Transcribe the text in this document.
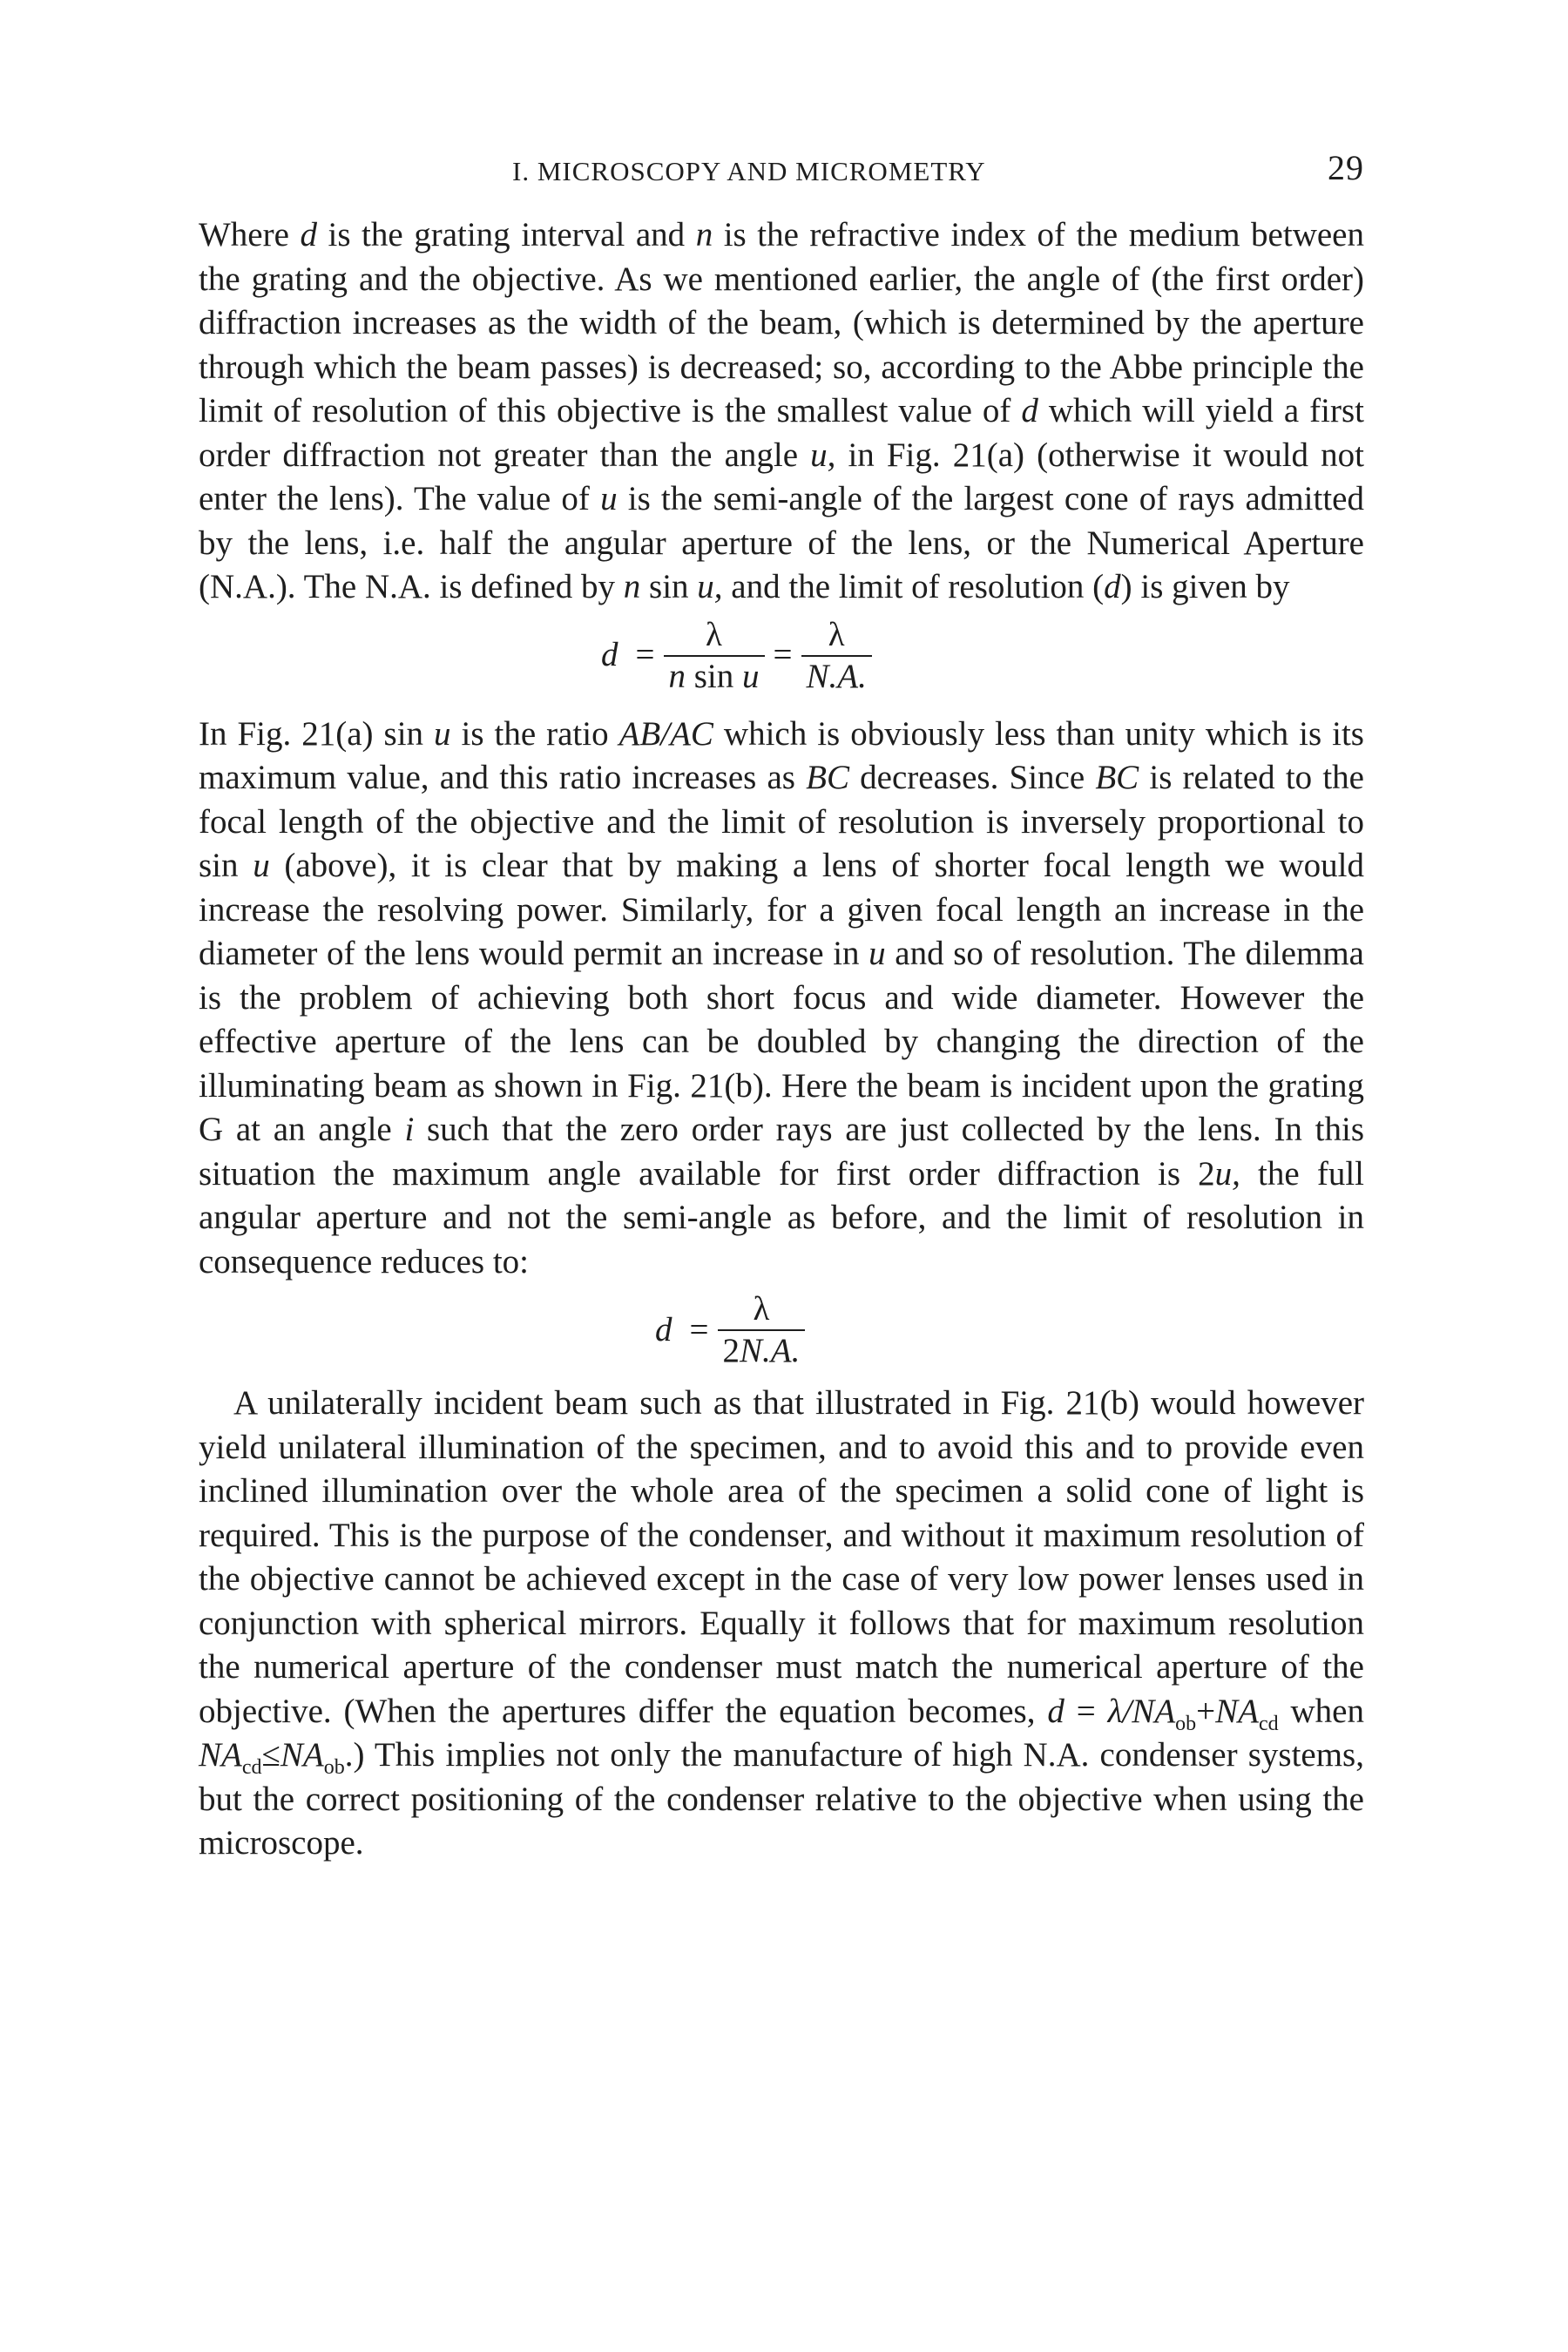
I. MICROSCOPY AND MICROMETRY	29

Where d is the grating interval and n is the refractive index of the medium between the grating and the objective. As we mentioned earlier, the angle of (the first order) diffraction increases as the width of the beam, (which is determined by the aperture through which the beam passes) is decreased; so, according to the Abbe principle the limit of resolution of this objective is the smallest value of d which will yield a first order diffraction not greater than the angle u, in Fig. 21(a) (otherwise it would not enter the lens). The value of u is the semi-angle of the largest cone of rays admitted by the lens, i.e. half the angular aperture of the lens, or the Numerical Aperture (N.A.). The N.A. is defined by n sin u, and the limit of resolution (d) is given by

$d = \frac{\lambda}{\text{n sin u}} = \frac{\lambda}{N.A.}$

In Fig. 21(a) sin u is the ratio AB/AC which is obviously less than unity which is its maximum value, and this ratio increases as BC decreases. Since BC is related to the focal length of the objective and the limit of resolution is inversely proportional to sin u (above), it is clear that by making a lens of shorter focal length we would increase the resolving power. Similarly, for a given focal length an increase in the diameter of the lens would permit an increase in u and so of resolution. The dilemma is the problem of achieving both short focus and wide diameter. However the effective aperture of the lens can be doubled by changing the direction of the illuminating beam as shown in Fig. 21(b). Here the beam is incident upon the grating G at an angle i such that the zero order rays are just collected by the lens. In this situation the maximum angle available for first order diffraction is 2u, the full angular aperture and not the semi-angle as before, and the limit of resolution in consequence reduces to:

$d = \frac{\lambda}{2N.A.}$

A unilaterally incident beam such as that illustrated in Fig. 21(b) would however yield unilateral illumination of the specimen, and to avoid this and to provide even inclined illumination over the whole area of the specimen a solid cone of light is required. This is the purpose of the condenser, and without it maximum resolution of the objective cannot be achieved except in the case of very low power lenses used in conjunction with spherical mirrors. Equally it follows that for maximum resolution the numerical aperture of the condenser must match the numerical aperture of the objective. (When the apertures differ the equation becomes, $d = \lambda/NA_{ob}+NA_{cd}$ when $NA_{cd}\le NA_{ob}$.) This implies not only the manufacture of high N.A. condenser systems, but the correct positioning of the condenser relative to the objective when using the microscope.
